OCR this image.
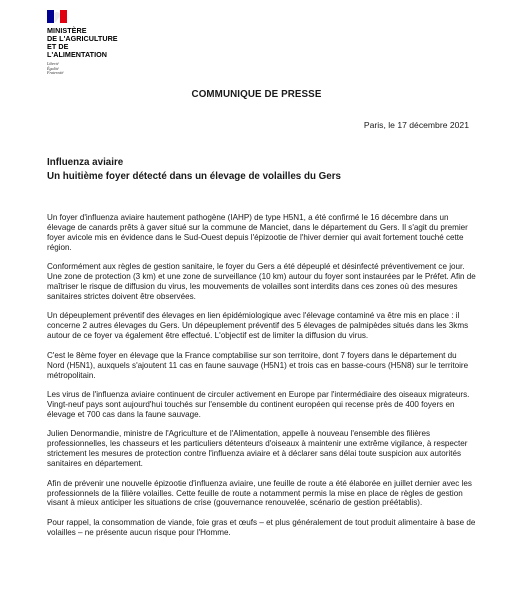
MINISTÈRE
DE L'AGRICULTURE
ET DE L'ALIMENTATION
Liberté
Égalité
Fraternité
COMMUNIQUE DE PRESSE
Paris, le 17 décembre 2021
Influenza aviaire
Un huitième foyer détecté dans un élevage de volailles du Gers

Un foyer d'influenza aviaire hautement pathogène (IAHP) de type H5N1, a été confirmé le 16 décembre dans un élevage de canards prêts à gaver situé sur la commune de Manciet, dans le département du Gers. Il s'agit du premier foyer avicole mis en évidence dans le Sud-Ouest depuis l'épizootie de l'hiver dernier qui avait fortement touché cette région.

Conformément aux règles de gestion sanitaire, le foyer du Gers a été dépeuplé et désinfecté préventivement ce jour. Une zone de protection (3 km) et une zone de surveillance (10 km) autour du foyer sont instaurées par le Préfet. Afin de maîtriser le risque de diffusion du virus, les mouvements de volailles sont interdits dans ces zones où des mesures sanitaires strictes doivent être observées.

Un dépeuplement préventif des élevages en lien épidémiologique avec l'élevage contaminé va être mis en place : il concerne 2 autres élevages du Gers. Un dépeuplement préventif des 5 élevages de palmipèdes situés dans les 3kms autour de ce foyer va également être effectué. L'objectif est de limiter la diffusion du virus.

C'est le 8ème foyer en élevage que la France comptabilise sur son territoire, dont 7 foyers dans le département du Nord (H5N1), auxquels s'ajoutent 11 cas en faune sauvage (H5N1) et trois cas en basse-cours (H5N8) sur le territoire métropolitain.

Les virus de l'influenza aviaire continuent de circuler activement en Europe par l'intermédiaire des oiseaux migrateurs. Vingt-neuf pays sont aujourd'hui touchés sur l'ensemble du continent européen qui recense près de 400 foyers en élevage et 700 cas dans la faune sauvage.

Julien Denormandie, ministre de l'Agriculture et de l'Alimentation, appelle à nouveau l'ensemble des filières professionnelles, les chasseurs et les particuliers détenteurs d'oiseaux à maintenir une extrême vigilance, à respecter strictement les mesures de protection contre l'influenza aviaire et à déclarer sans délai toute suspicion aux autorités sanitaires en département.

Afin de prévenir une nouvelle épizootie d'influenza aviaire, une feuille de route a été élaborée en juillet dernier avec les professionnels de la filière volailles. Cette feuille de route a notamment permis la mise en place de règles de gestion visant à mieux anticiper les situations de crise (gouvernance renouvelée, scénario de gestion préétablis).

Pour rappel, la consommation de viande, foie gras et œufs – et plus généralement de tout produit alimentaire à base de volailles – ne présente aucun risque pour l'Homme.
